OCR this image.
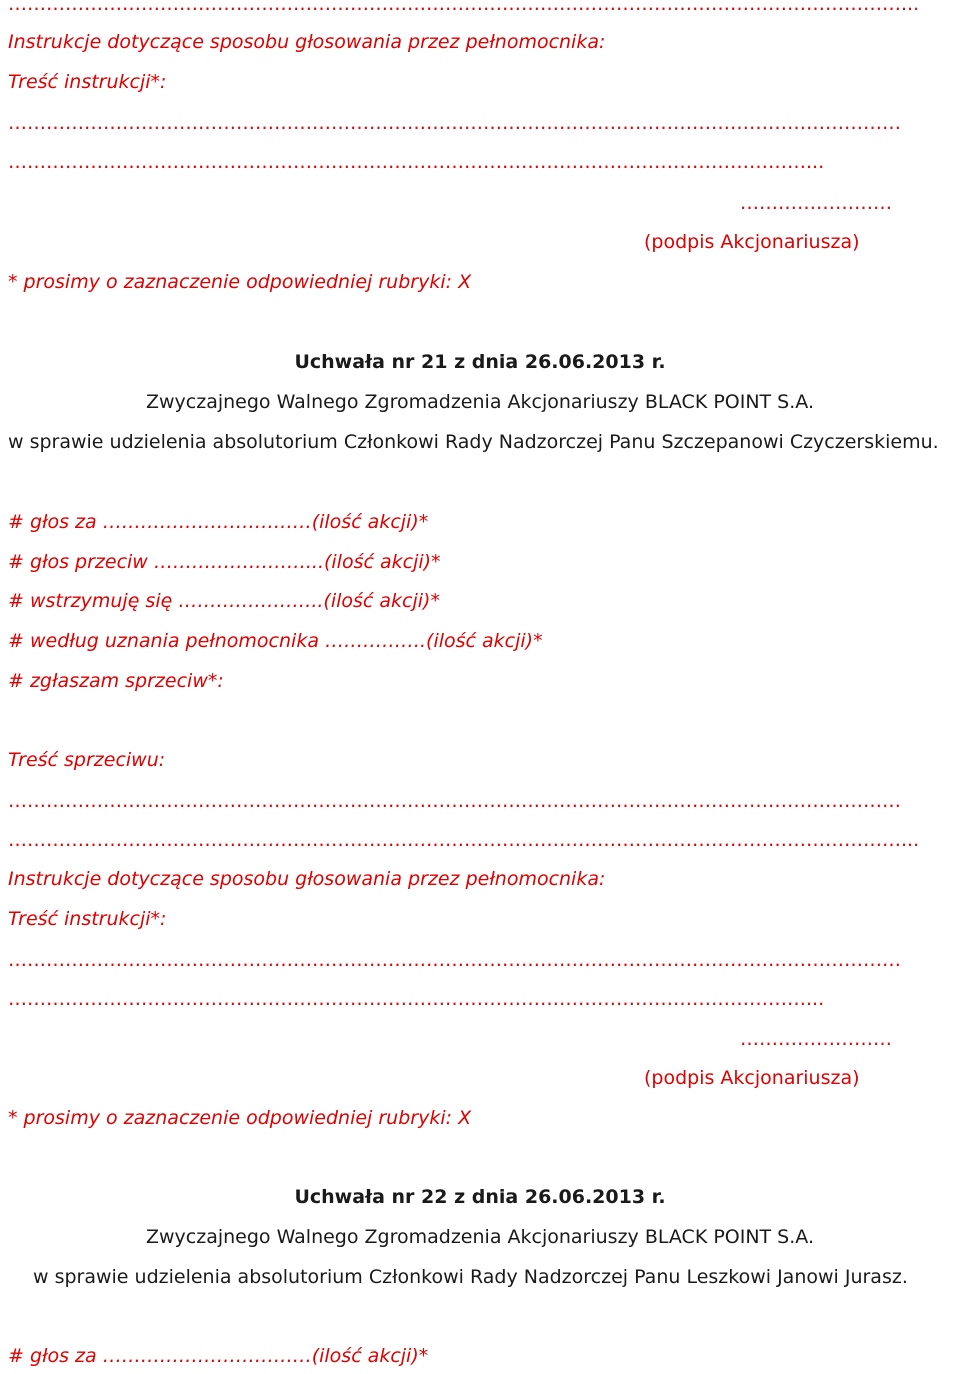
……………………………………………………………………………………………………………………………...
Instrukcje dotyczące sposobu głosowania przez pełnomocnika:
Treść instrukcji*:
……………………………………………………………………………………………………………………………
………………………………………………………………………………………………………………...
……………………
(podpis Akcjonariusza)
* prosimy o zaznaczenie odpowiedniej rubryki: X
Uchwała nr 21 z dnia 26.06.2013 r.
Zwyczajnego Walnego Zgromadzenia Akcjonariuszy BLACK POINT S.A.
w sprawie udzielenia absolutorium Członkowi Rady Nadzorczej Panu Szczepanowi Czyczerskiemu.
# głos za ……………………………(ilość akcji)*
# głos przeciw ……………………...(ilość akcji)*
# wstrzymuję się …………………..(ilość akcji)*
# według uznania pełnomocnika …………….(ilość akcji)*
# zgłaszam sprzeciw*:
Treść sprzeciwu:
……………………………………………………………………………………………………………………………
……………………………………………………………………………………………………………………………...
Instrukcje dotyczące sposobu głosowania przez pełnomocnika:
Treść instrukcji*:
……………………………………………………………………………………………………………………………
………………………………………………………………………………………………………………...
……………………
(podpis Akcjonariusza)
* prosimy o zaznaczenie odpowiedniej rubryki: X
Uchwała nr 22 z dnia 26.06.2013 r.
Zwyczajnego Walnego Zgromadzenia Akcjonariuszy BLACK POINT S.A.
w sprawie udzielenia absolutorium Członkowi Rady Nadzorczej Panu Leszkowi Janowi Jurasz.
# głos za ……………………………(ilość akcji)*
